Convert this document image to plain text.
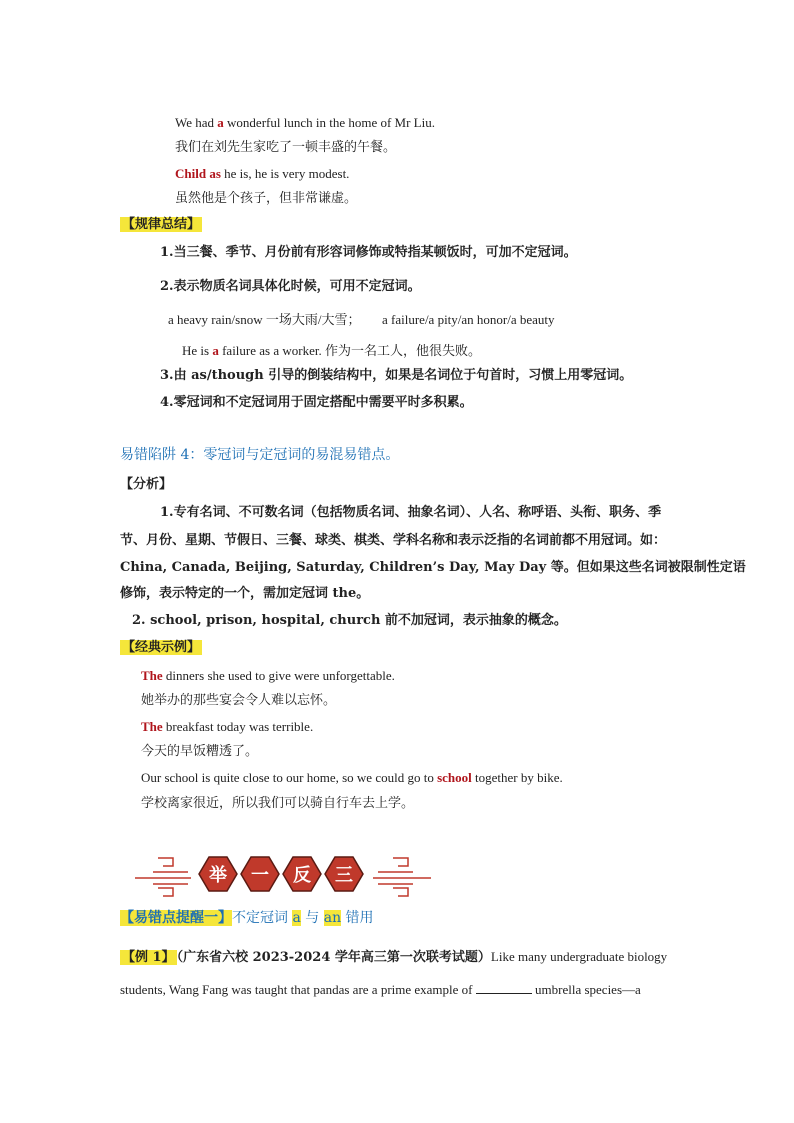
We had a wonderful lunch in the home of Mr Liu.
我们在刘先生家吃了一顿丰盛的午餐。
Child as he is, he is very modest.
虽然他是个孩子，但非常谦虚。
【规律总结】
1.当三餐、季节、月份前有形容词修饰或特指某顿饭时，可加不定冠词。
2.表示物质名词具体化时候，可用不定冠词。
a heavy rain/snow 一场大雨/大雪； a failure/a pity/an honor/a beauty
He is a failure as a worker. 作为一名工人，他很失败。
3.由 as/though 引导的倒装结构中，如果是名词位于句首时，习惯上用零冠词。
4.零冠词和不定冠词用于固定搭配中需要平时多积累。
易错陷阱 4：零冠词与定冠词的易混易错点。
【分析】
1.专有名词、不可数名词（包括物质名词、抽象名词）、人名、称呼语、头衔、职务、季
节、月份、星期、节假日、三餐、球类、棋类、学科名称和表示泛指的名词前都不用冠词。如：
China, Canada, Beijing, Saturday, Children’s Day, May Day 等。但如果这些名词被限制性定语
修饰，表示特定的一个，需加定冠词 the。
2. school, prison, hospital, church 前不加冠词，表示抽象的概念。
【经典示例】
The dinners she used to give were unforgettable.
她举办的那些宴会令人难以忘怀。
The breakfast today was terrible.
今天的早饭糟透了。
Our school is quite close to our home, so we could go to school together by bike.
学校离家很近，所以我们可以骑自行车去上学。
举 一 反 三
【易错点提醒一】不定冠词 a 与 an 错用
【例 1】 （广东省六校 2023-2024 学年高三第一次联考试题）Like many undergraduate biology
students, Wang Fang was taught that pandas are a prime example of	umbrella species—a
